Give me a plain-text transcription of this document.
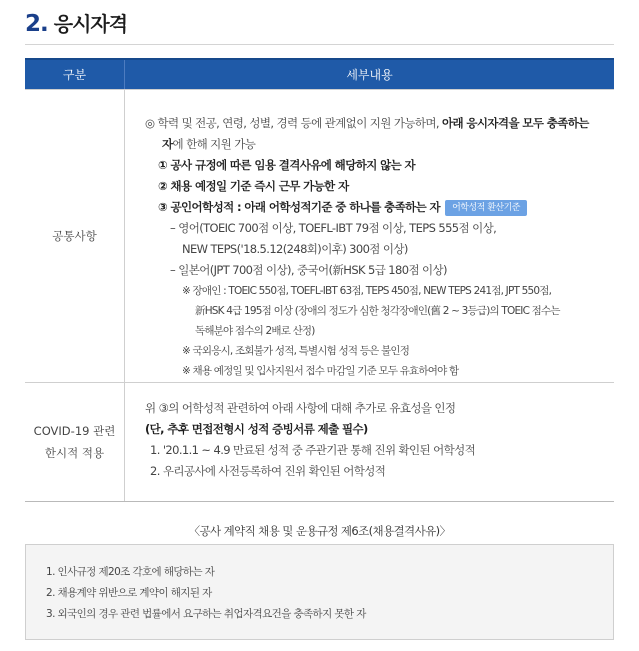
2. 응시자격
구분	세부내용
공통사항
◎ 학력 및 전공, 연령, 성별, 경력 등에 관계없이 지원 가능하며, 아래 응시자격을 모두 충족하는
자에 한해 지원 가능
① 공사 규정에 따른 임용 결격사유에 해당하지 않는 자
② 채용 예정일 기준 즉시 근무 가능한 자
③ 공인어학성적 : 아래 어학성적기준 중 하나를 충족하는 자 어학성적 환산기준
– 영어(TOEIC 700점 이상, TOEFL-IBT 79점 이상, TEPS 555점 이상,
NEW TEPS('18.5.12(248회)이후) 300점 이상)
– 일본어(JPT 700점 이상), 중국어(新HSK 5급 180점 이상)
※ 장애인 : TOEIC 550점, TOEFL-IBT 63점, TEPS 450점, NEW TEPS 241점, JPT 550점,
新HSK 4급 195점 이상 (장애의 정도가 심한 청각장애인(舊 2 ~ 3등급)의 TOEIC 점수는
독해분야 점수의 2배로 산정)
※ 국외응시, 조회불가 성적, 특별시험 성적 등은 불인정
※ 채용 예정일 및 입사지원서 접수 마감일 기준 모두 유효하여야 함
COVID-19 관련
한시적 적용
위 ③의 어학성적 관련하여 아래 사항에 대해 추가로 유효성을 인정
(단, 추후 면접전형시 성적 증빙서류 제출 필수)
1. '20.1.1 ~ 4.9 만료된 성적 중 주관기관 통해 진위 확인된 어학성적
2. 우리공사에 사전등록하여 진위 확인된 어학성적
〈공사 계약직 채용 및 운용규정 제6조(채용결격사유)〉
1. 인사규정 제20조 각호에 해당하는 자
2. 채용계약 위반으로 계약이 해지된 자
3. 외국인의 경우 관련 법률에서 요구하는 취업자격요건을 충족하지 못한 자
